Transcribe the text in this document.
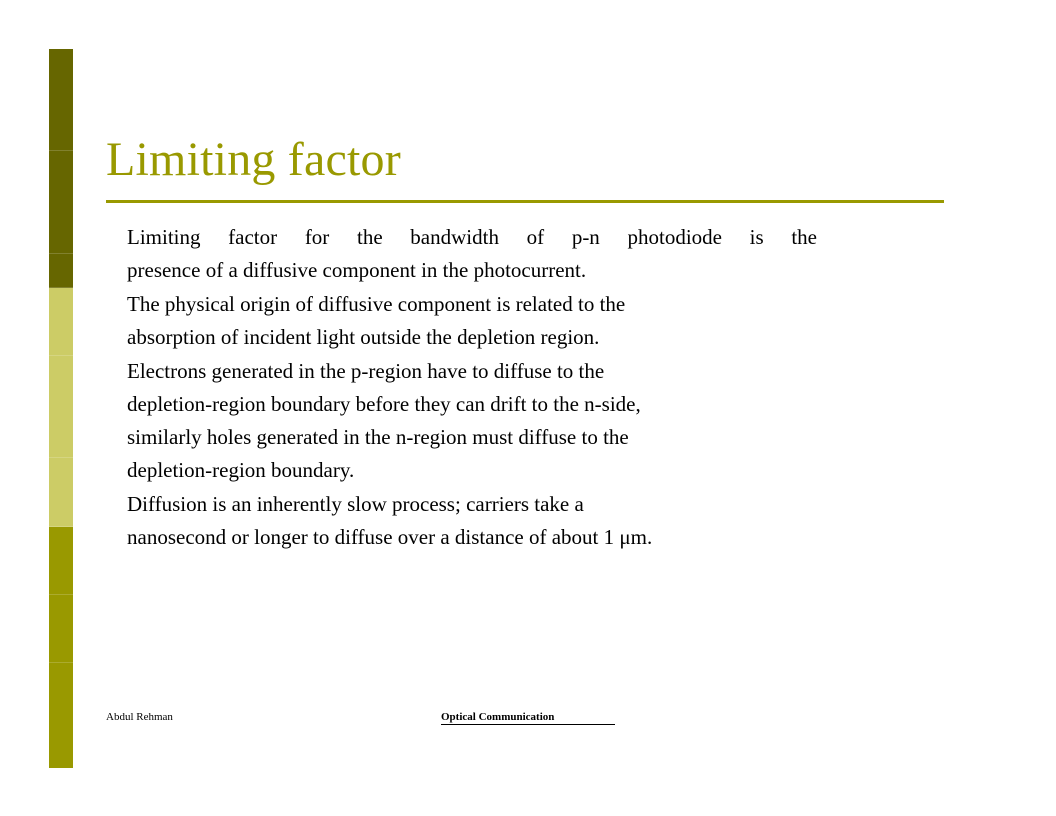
Limiting factor

Limiting factor for the bandwidth of p-n photodiode is the
presence of a diffusive component in the photocurrent.

The physical origin of diffusive component is related to the
absorption of incident light outside the depletion region.

Electrons generated in the p-region have to diffuse to the
depletion-region boundary before they can drift to the n-side,
similarly holes generated in the n-region must diffuse to the
depletion-region boundary.

Diffusion is an inherently slow process; carriers take a
nanosecond or longer to diffuse over a distance of about 1 μm.

Abdul Rehman	Optical Communication
